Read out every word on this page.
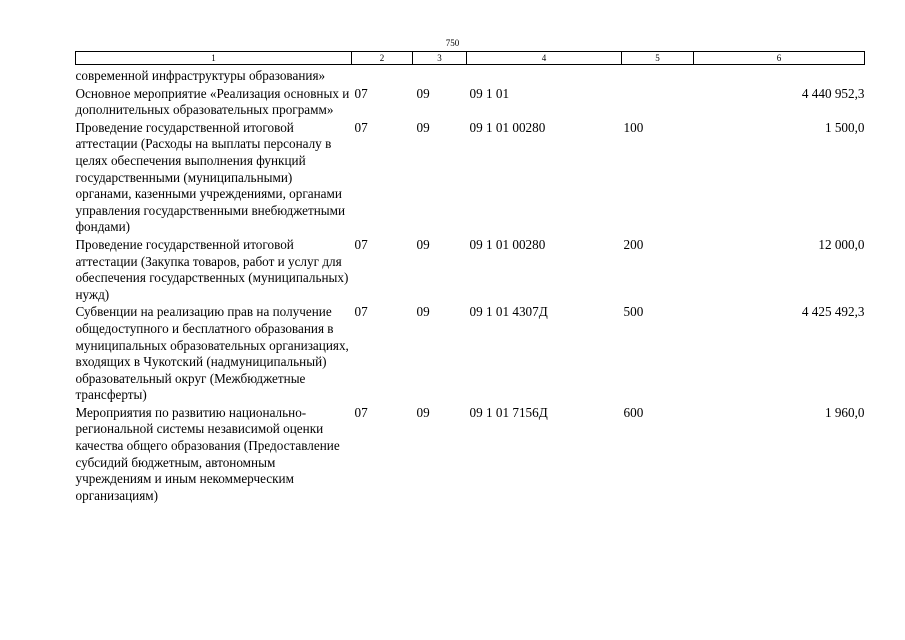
750
1	2	3	4	5	6
современной инфраструктуры образования»					
Основное мероприятие «Реализация основных и дополнительных образовательных программ»	07	09	09 1 01		4 440 952,3
Проведение государственной итоговой аттестации (Расходы на выплаты персоналу в целях обеспечения выполнения функций государственными (муниципальными) органами, казенными учреждениями, органами управления государственными внебюджетными фондами)	07	09	09 1 01 00280	100	1 500,0
Проведение государственной итоговой аттестации (Закупка товаров, работ и услуг для обеспечения государственных (муниципальных) нужд)	07	09	09 1 01 00280	200	12 000,0
Субвенции на реализацию прав на получение общедоступного и бесплатного образования в муниципальных образовательных организациях, входящих в Чукотский (надмуниципальный) образовательный округ (Межбюджетные трансферты)	07	09	09 1 01 4307Д	500	4 425 492,3
Мероприятия по развитию национально-региональной системы независимой оценки качества общего образования (Предоставление субсидий бюджетным, автономным учреждениям и иным некоммерческим организациям)	07	09	09 1 01 7156Д	600	1 960,0
